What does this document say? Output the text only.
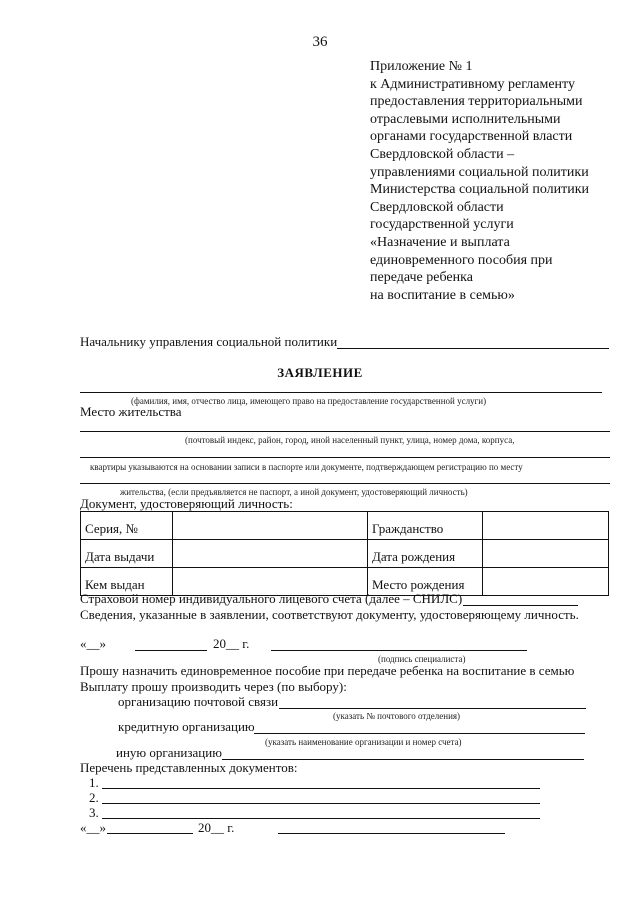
36
Приложение № 1
к Административному регламенту
предоставления территориальными
отраслевыми исполнительными
органами государственной власти
Свердловской области –
управлениями социальной политики
Министерства социальной политики
Свердловской области
государственной услуги
«Назначение и выплата
единовременного пособия при
передаче ребенка
на воспитание в семью»
Начальнику управления социальной политики
ЗАЯВЛЕНИЕ
(фамилия, имя, отчество лица, имеющего право на предоставление государственной услуги)
Место жительства
(почтовый индекс, район, город, иной населенный пункт, улица, номер дома, корпуса,
квартиры указываются на основании записи в паспорте или документе, подтверждающем регистрацию по месту
жительства, (если предъявляется не паспорт, а иной документ, удостоверяющий личность)
Документ, удостоверяющий личность:
Серия, №		Гражданство	
Дата выдачи		Дата рождения	
Кем выдан		Место рождения	
Страховой номер индивидуального лицевого счета (далее – СНИЛС)
Сведения, указанные в заявлении, соответствуют документу, удостоверяющему личность.
«__»	20__ г.
(подпись специалиста)
Прошу назначить единовременное пособие при передаче ребенка на воспитание в семью
Выплату прошу производить через (по выбору):
организацию почтовой связи
(указать № почтового отделения)
кредитную организацию
(указать наименование организации и номер счета)
иную организацию
Перечень представленных документов:
1.
2.
3.
«__»	20__ г.
